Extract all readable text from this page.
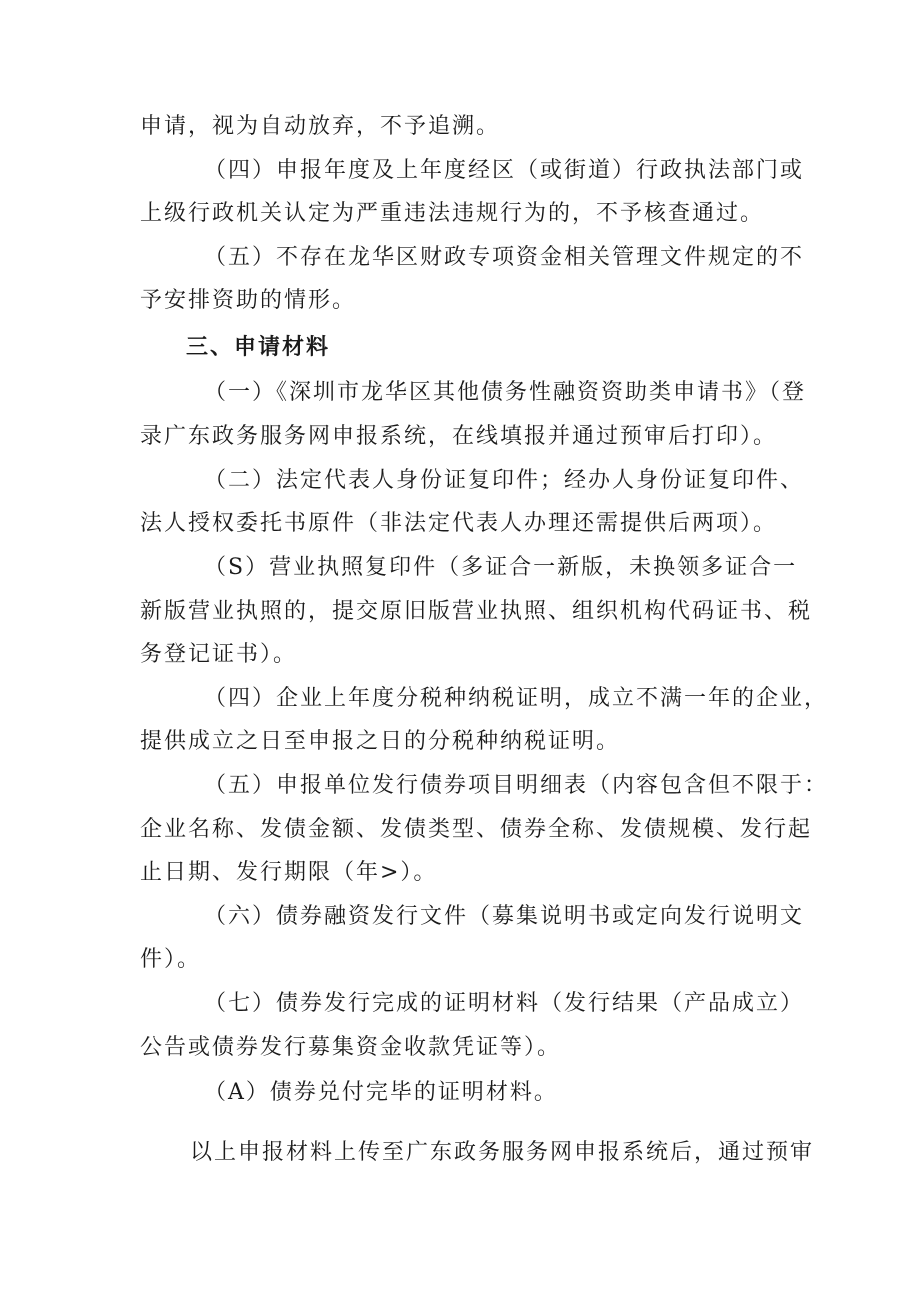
申请，视为自动放弃，不予追溯。
（四）申报年度及上年度经区（或街道）行政执法部门或
上级行政机关认定为严重违法违规行为的，不予核查通过。
（五）不存在龙华区财政专项资金相关管理文件规定的不
予安排资助的情形。
三、申请材料
（一）《深圳市龙华区其他债务性融资资助类申请书》（登
录广东政务服务网申报系统，在线填报并通过预审后打印）。
（二）法定代表人身份证复印件；经办人身份证复印件、
法人授权委托书原件（非法定代表人办理还需提供后两项）。
（S）营业执照复印件（多证合一新版，未换领多证合一
新版营业执照的，提交原旧版营业执照、组织机构代码证书、税
务登记证书）。
（四）企业上年度分税种纳税证明，成立不满一年的企业，
提供成立之日至申报之日的分税种纳税证明。
（五）申报单位发行债券项目明细表（内容包含但不限于：
企业名称、发债金额、发债类型、债券全称、发债规模、发行起
止日期、发行期限（年>）。
（六）债券融资发行文件（募集说明书或定向发行说明文
件）。
（七）债券发行完成的证明材料（发行结果（产品成立）
公告或债券发行募集资金收款凭证等）。
（A）债券兑付完毕的证明材料。
以上申报材料上传至广东政务服务网申报系统后，通过预审
